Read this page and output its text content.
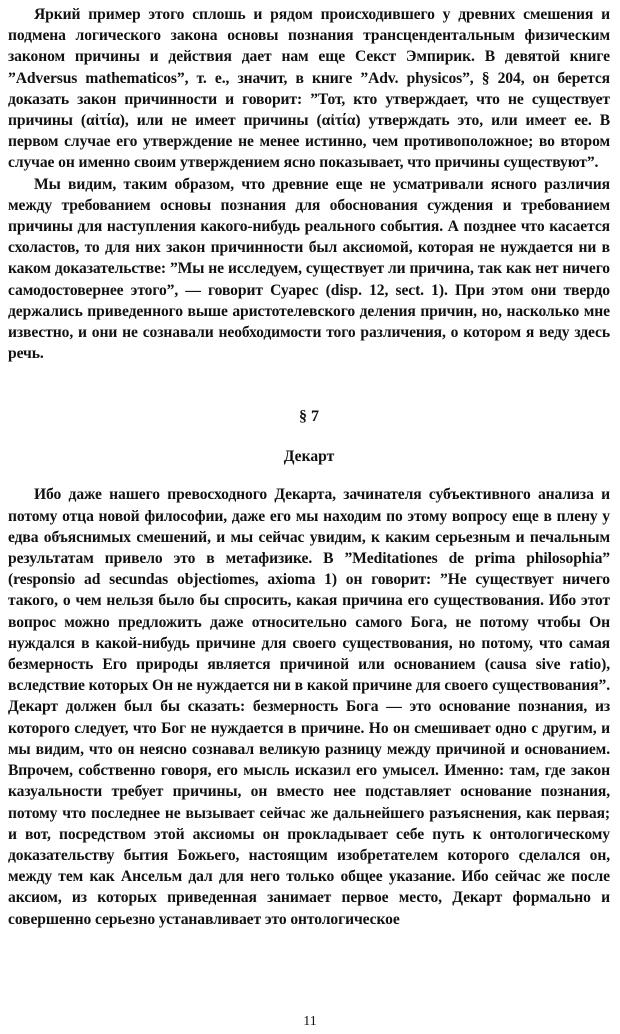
Яркий пример этого сплошь и рядом происходившего у древних смешения и подмена логического закона основы познания трансцендентальным физическим законом причины и действия дает нам еще Секст Эмпирик. В девятой книге ”Adversus mathematicos”, т. е., значит, в книге ”Adv. physicos”, § 204, он берется доказать закон причинности и говорит: ”Тот, кто утверждает, что не существует причины (αἰτία), или не имеет причины (αἰτία) утверждать это, или имеет ее. В первом случае его утверждение не менее истинно, чем противоположное; во втором случае он именно своим утверждением ясно показывает, что причины существуют”.

Мы видим, таким образом, что древние еще не усматривали ясного различия между требованием основы познания для обоснования суждения и требованием причины для наступления какого-нибудь реального события. А позднее что касается схоластов, то для них закон причинности был аксиомой, которая не нуждается ни в каком доказательстве: ”Мы не исследуем, существует ли причина, так как нет ничего самодостовернее этого”, — говорит Суарес (disp. 12, sect. 1). При этом они твердо держались приведенного выше аристотелевского деления причин, но, насколько мне известно, и они не сознавали необходимости того различения, о котором я веду здесь речь.

§ 7
Декарт

Ибо даже нашего превосходного Декарта, зачинателя субъективного анализа и потому отца новой философии, даже его мы находим по этому вопросу еще в плену у едва объяснимых смешений, и мы сейчас увидим, к каким серьезным и печальным результатам привело это в метафизике. В ”Meditationes de prima philosophia” (responsio ad secundas objectiomes, axioma 1) он говорит: ”Не существует ничего такого, о чем нельзя было бы спросить, какая причина его существования. Ибо этот вопрос можно предложить даже относительно самого Бога, не потому чтобы Он нуждался в какой-нибудь причине для своего существования, но потому, что самая безмерность Его природы является причиной или основанием (causa sive ratio), вследствие которых Он не нуждается ни в какой причине для своего существования”. Декарт должен был бы сказать: безмерность Бога — это основание познания, из которого следует, что Бог не нуждается в причине. Но он смешивает одно с другим, и мы видим, что он неясно сознавал великую разницу между причиной и основанием. Впрочем, собственно говоря, его мысль исказил его умысел. Именно: там, где закон казуальности требует причины, он вместо нее подставляет основание познания, потому что последнее не вызывает сейчас же дальнейшего разъяснения, как первая; и вот, посредством этой аксиомы он прокладывает себе путь к онтологическому доказательству бытия Божьего, настоящим изобретателем которого сделался он, между тем как Ансельм дал для него только общее указание. Ибо сейчас же после аксиом, из которых приведенная занимает первое место, Декарт формально и совершенно серьезно устанавливает это онтологическое

11
